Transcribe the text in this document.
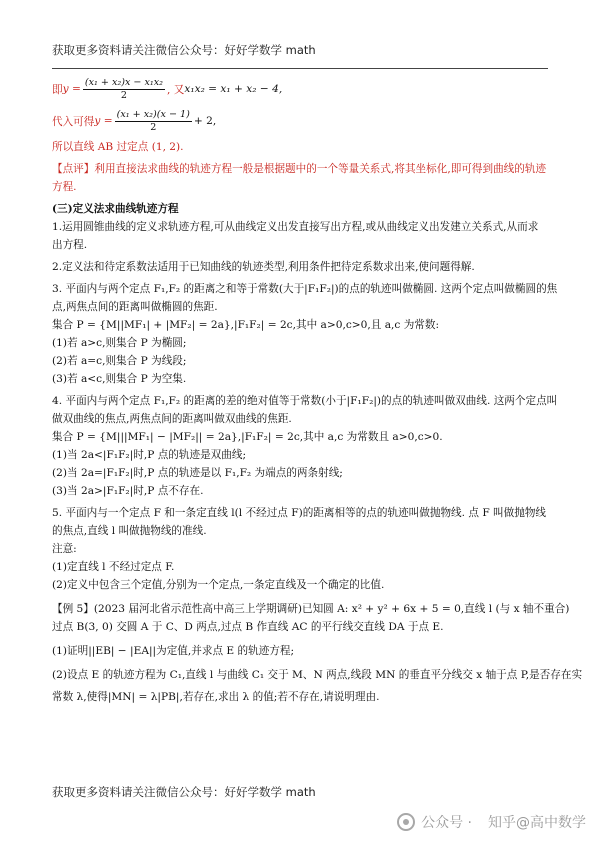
获取更多资料请关注微信公众号：好好学数学 math
即 $y = \frac{\text{(x₁ + x₂)x − x₁x₂}}{2}$ , 又 x₁x₂ = x₁ + x₂ − 4,
代入可得 $y = \frac{\text{(x₁ + x₂)(x − 1)}}{2} + 2$,

所以直线 AB 过定点 (1, 2).

【点评】利用直接法求曲线的轨迹方程一般是根据题中的一个等量关系式,将其坐标化,即可得到曲线的轨迹

方程.

(三)定义法求曲线轨迹方程

1.运用圆锥曲线的定义求轨迹方程,可从曲线定义出发直接写出方程,或从曲线定义出发建立关系式,从而求

出方程.

2.定义法和待定系数法适用于已知曲线的轨迹类型,利用条件把待定系数求出来,使问题得解.

3. 平面内与两个定点 F₁,F₂ 的距离之和等于常数(大于|F₁F₂|)的点的轨迹叫做椭圆. 这两个定点叫做椭圆的焦

点,两焦点间的距离叫做椭圆的焦距.

集合 P = {M||MF₁| + |MF₂| = 2a},|F₁F₂| = 2c,其中 a>0,c>0,且 a,c 为常数:

(1)若 a>c,则集合 P 为椭圆;

(2)若 a=c,则集合 P 为线段;

(3)若 a<c,则集合 P 为空集.

4. 平面内与两个定点 F₁,F₂ 的距离的差的绝对值等于常数(小于|F₁F₂|)的点的轨迹叫做双曲线. 这两个定点叫

做双曲线的焦点,两焦点间的距离叫做双曲线的焦距.

集合 P = {M|||MF₁| − |MF₂|| = 2a},|F₁F₂| = 2c,其中 a,c 为常数且 a>0,c>0.

(1)当 2a<|F₁F₂|时,P 点的轨迹是双曲线;

(2)当 2a=|F₁F₂|时,P 点的轨迹是以 F₁,F₂ 为端点的两条射线;

(3)当 2a>|F₁F₂|时,P 点不存在.

5. 平面内与一个定点 F 和一条定直线 l(l 不经过点 F)的距离相等的点的轨迹叫做抛物线. 点 F 叫做抛物线

的焦点,直线 l 叫做抛物线的准线.

注意:

(1)定直线 l 不经过定点 F.

(2)定义中包含三个定值,分别为一个定点,一条定直线及一个确定的比值.

【例 5】(2023 届河北省示范性高中高三上学期调研)已知圆 A: x² + y² + 6x + 5 = 0,直线 l (与 x 轴不重合)

过点 B(3, 0) 交圆 A 于 C、D 两点,过点 B 作直线 AC 的平行线交直线 DA 于点 E.

(1)证明||EB| − |EA||为定值,并求点 E 的轨迹方程;

(2)设点 E 的轨迹方程为 C₁,直线 l 与曲线 C₁ 交于 M、N 两点,线段 MN 的垂直平分线交 x 轴于点 P,是否存在实

常数 λ,使得|MN| = λ|PB|,若存在,求出 λ 的值;若不存在,请说明理由.

获取更多资料请关注微信公众号：好好学数学 math
公众号 · 知乎@高中数学
